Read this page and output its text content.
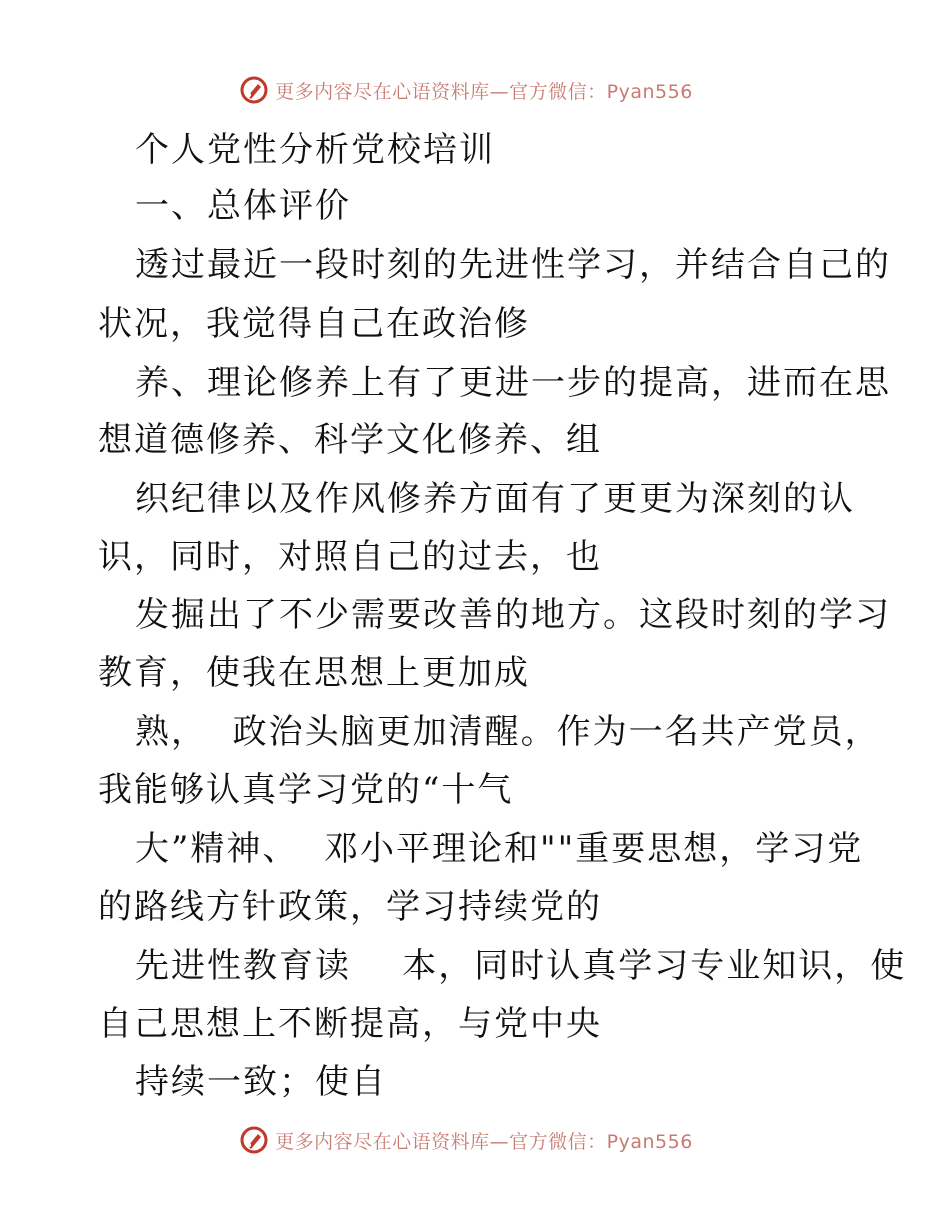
更多内容尽在心语资料库—官方微信：Pyan556
个人党性分析党校培训
一、总体评价
透过最近一段时刻的先进性学习，并结合自己的
状况，我觉得自己在政治修
养、理论修养上有了更进一步的提高，进而在思
想道德修养、科学文化修养、组
织纪律以及作风修养方面有了更更为深刻的认
识，同时，对照自己的过去，也
发掘出了不少需要改善的地方。这段时刻的学习
教育，使我在思想上更加成
熟，  政治头脑更加清醒。作为一名共产党员，
我能够认真学习党的“十气
大”精神、  邓小平理论和""重要思想，学习党
的路线方针政策，学习持续党的
先进性教育读    本，同时认真学习专业知识，使
自己思想上不断提高，与党中央
持续一致；使自
更多内容尽在心语资料库—官方微信：Pyan556
